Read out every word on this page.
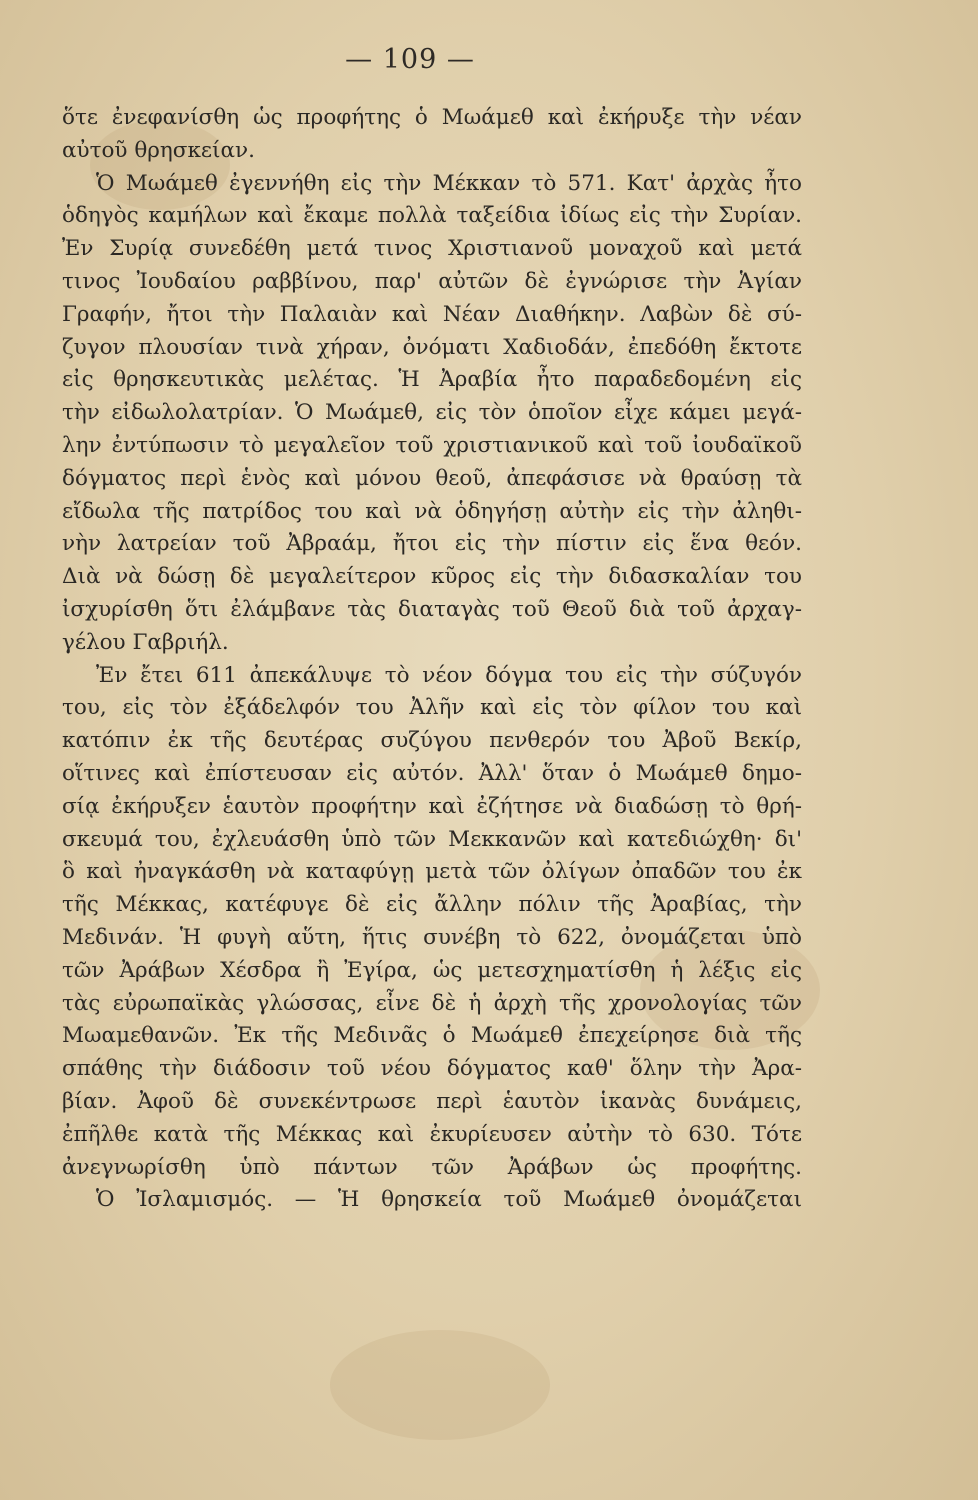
— 109 —
ὅτε ἐνεφανίσθη ὡς προφήτης ὁ Μωάμεθ καὶ ἐκήρυξε τὴν νέαν
αὐτοῦ θρησκείαν.
Ὁ Μωάμεθ ἐγεννήθη εἰς τὴν Μέκκαν τὸ 571. Κατ' ἀρχὰς ἦτο
ὁδηγὸς καμήλων καὶ ἔκαμε πολλὰ ταξείδια ἰδίως εἰς τὴν Συρίαν.
Ἐν Συρίᾳ συνεδέθη μετά τινος Χριστιανοῦ μοναχοῦ καὶ μετά
τινος Ἰουδαίου ραββίνου, παρ' αὐτῶν δὲ ἐγνώρισε τὴν Ἁγίαν
Γραφήν, ἤτοι τὴν Παλαιὰν καὶ Νέαν Διαθήκην. Λαβὼν δὲ σύ-
ζυγον πλουσίαν τινὰ χήραν, ὀνόματι Χαδιοδάν, ἐπεδόθη ἔκτοτε
εἰς θρησκευτικὰς μελέτας. Ἡ Ἀραβία ἦτο παραδεδομένη εἰς
τὴν εἰδωλολατρίαν. Ὁ Μωάμεθ, εἰς τὸν ὁποῖον εἶχε κάμει μεγά-
λην ἐντύπωσιν τὸ μεγαλεῖον τοῦ χριστιανικοῦ καὶ τοῦ ἰουδαϊκοῦ
δόγματος περὶ ἑνὸς καὶ μόνου θεοῦ, ἀπεφάσισε νὰ θραύσῃ τὰ
εἴδωλα τῆς πατρίδος του καὶ νὰ ὁδηγήσῃ αὐτὴν εἰς τὴν ἀληθι-
νὴν λατρείαν τοῦ Ἀβραάμ, ἤτοι εἰς τὴν πίστιν εἰς ἕνα θεόν.
Διὰ νὰ δώσῃ δὲ μεγαλείτερον κῦρος εἰς τὴν διδασκαλίαν του
ἰσχυρίσθη ὅτι ἐλάμβανε τὰς διαταγὰς τοῦ Θεοῦ διὰ τοῦ ἀρχαγ-
γέλου Γαβριήλ.
Ἐν ἔτει 611 ἀπεκάλυψε τὸ νέον δόγμα του εἰς τὴν σύζυγόν
του, εἰς τὸν ἐξάδελφόν του Ἀλῆν καὶ εἰς τὸν φίλον του καὶ
κατόπιν ἐκ τῆς δευτέρας συζύγου πενθερόν του Ἀβοῦ Βεκίρ,
οἵτινες καὶ ἐπίστευσαν εἰς αὐτόν. Ἀλλ' ὅταν ὁ Μωάμεθ δημο-
σίᾳ ἐκήρυξεν ἑαυτὸν προφήτην καὶ ἐζήτησε νὰ διαδώσῃ τὸ θρή-
σκευμά του, ἐχλευάσθη ὑπὸ τῶν Μεκκανῶν καὶ κατεδιώχθη· δι'
ὃ καὶ ἠναγκάσθη νὰ καταφύγῃ μετὰ τῶν ὀλίγων ὀπαδῶν του ἐκ
τῆς Μέκκας, κατέφυγε δὲ εἰς ἄλλην πόλιν τῆς Ἀραβίας, τὴν
Μεδινάν. Ἡ φυγὴ αὕτη, ἥτις συνέβη τὸ 622, ὀνομάζεται ὑπὸ
τῶν Ἀράβων Χέσδρα ἢ Ἐγίρα, ὡς μετεσχηματίσθη ἡ λέξις εἰς
τὰς εὐρωπαϊκὰς γλώσσας, εἶνε δὲ ἡ ἀρχὴ τῆς χρονολογίας τῶν
Μωαμεθανῶν. Ἐκ τῆς Μεδινᾶς ὁ Μωάμεθ ἐπεχείρησε διὰ τῆς
σπάθης τὴν διάδοσιν τοῦ νέου δόγματος καθ' ὅλην τὴν Ἀρα-
βίαν. Ἀφοῦ δὲ συνεκέντρωσε περὶ ἑαυτὸν ἱκανὰς δυνάμεις,
ἐπῆλθε κατὰ τῆς Μέκκας καὶ ἐκυρίευσεν αὐτὴν τὸ 630. Τότε
ἀνεγνωρίσθη ὑπὸ πάντων τῶν Ἀράβων ὡς προφήτης.
Ὁ Ἰσλαμισμός. — Ἡ θρησκεία τοῦ Μωάμεθ ὀνομάζεται
